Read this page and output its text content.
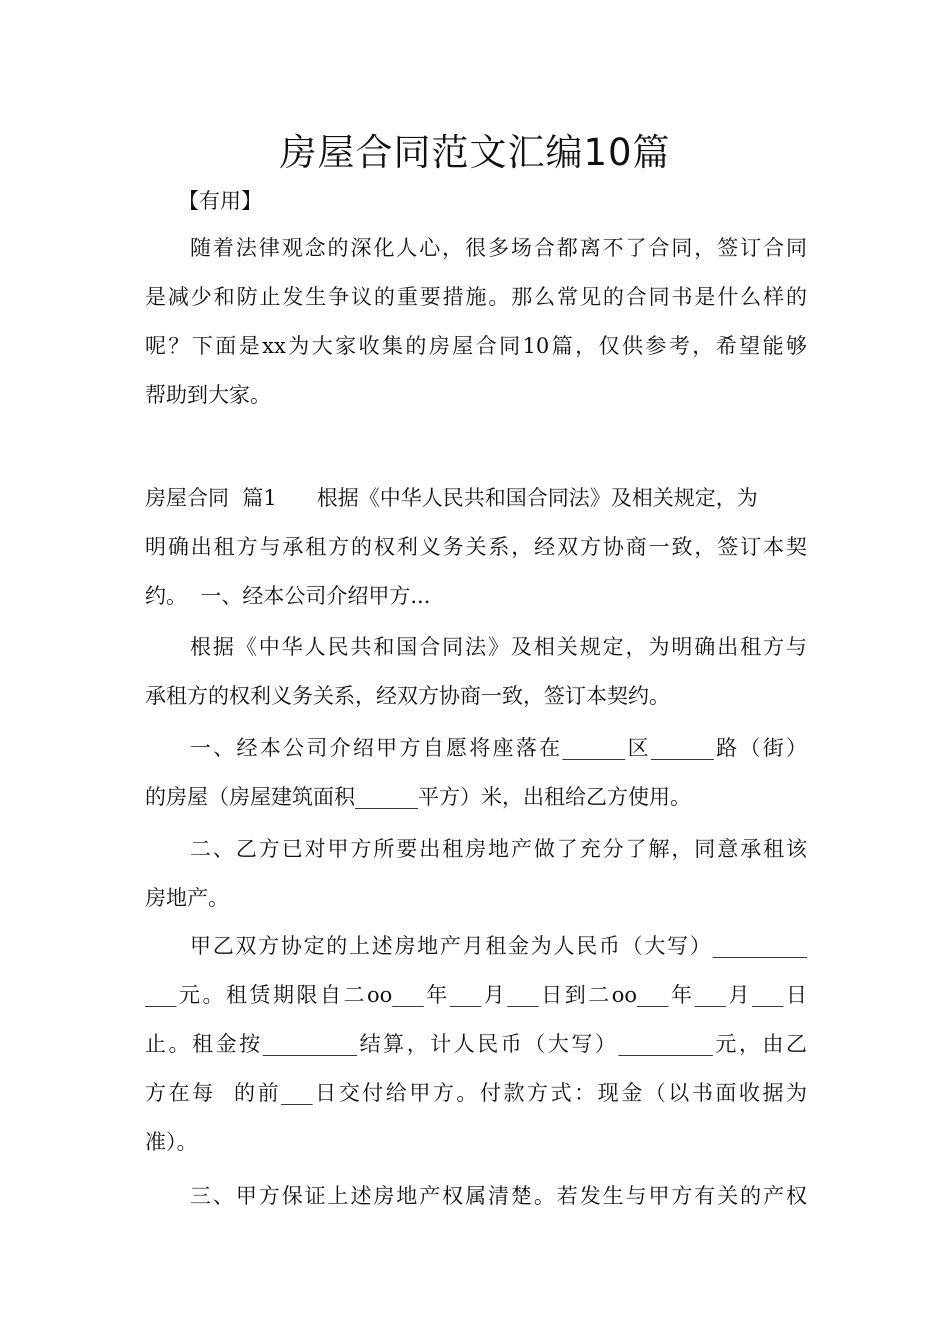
房屋合同范文汇编10篇
【有用】
随着法律观念的深化人心，很多场合都离不了合同，签订合同
是减少和防止发生争议的重要措施。那么常见的合同书是什么样的
呢？下面是xx为大家收集的房屋合同10篇，仅供参考，希望能够
帮助到大家。
房屋合同  篇1      根据《中华人民共和国合同法》及相关规定，为
明确出租方与承租方的权利义务关系，经双方协商一致，签订本契
约。  一、经本公司介绍甲方...
根据《中华人民共和国合同法》及相关规定，为明确出租方与
承租方的权利义务关系，经双方协商一致，签订本契约。
一、经本公司介绍甲方自愿将座落在______区______路（街）
的房屋（房屋建筑面积______平方）米，出租给乙方使用。
二、乙方已对甲方所要出租房地产做了充分了解，同意承租该
房地产。
甲乙双方协定的上述房地产月租金为人民币（大写）_________
___元。租赁期限自二oo___年___月___日到二oo___年___月___日
止。租金按_________结算，计人民币（大写）_________元，由乙
方在每  的前___日交付给甲方。付款方式：现金（以书面收据为
准）。
三、甲方保证上述房地产权属清楚。若发生与甲方有关的产权
